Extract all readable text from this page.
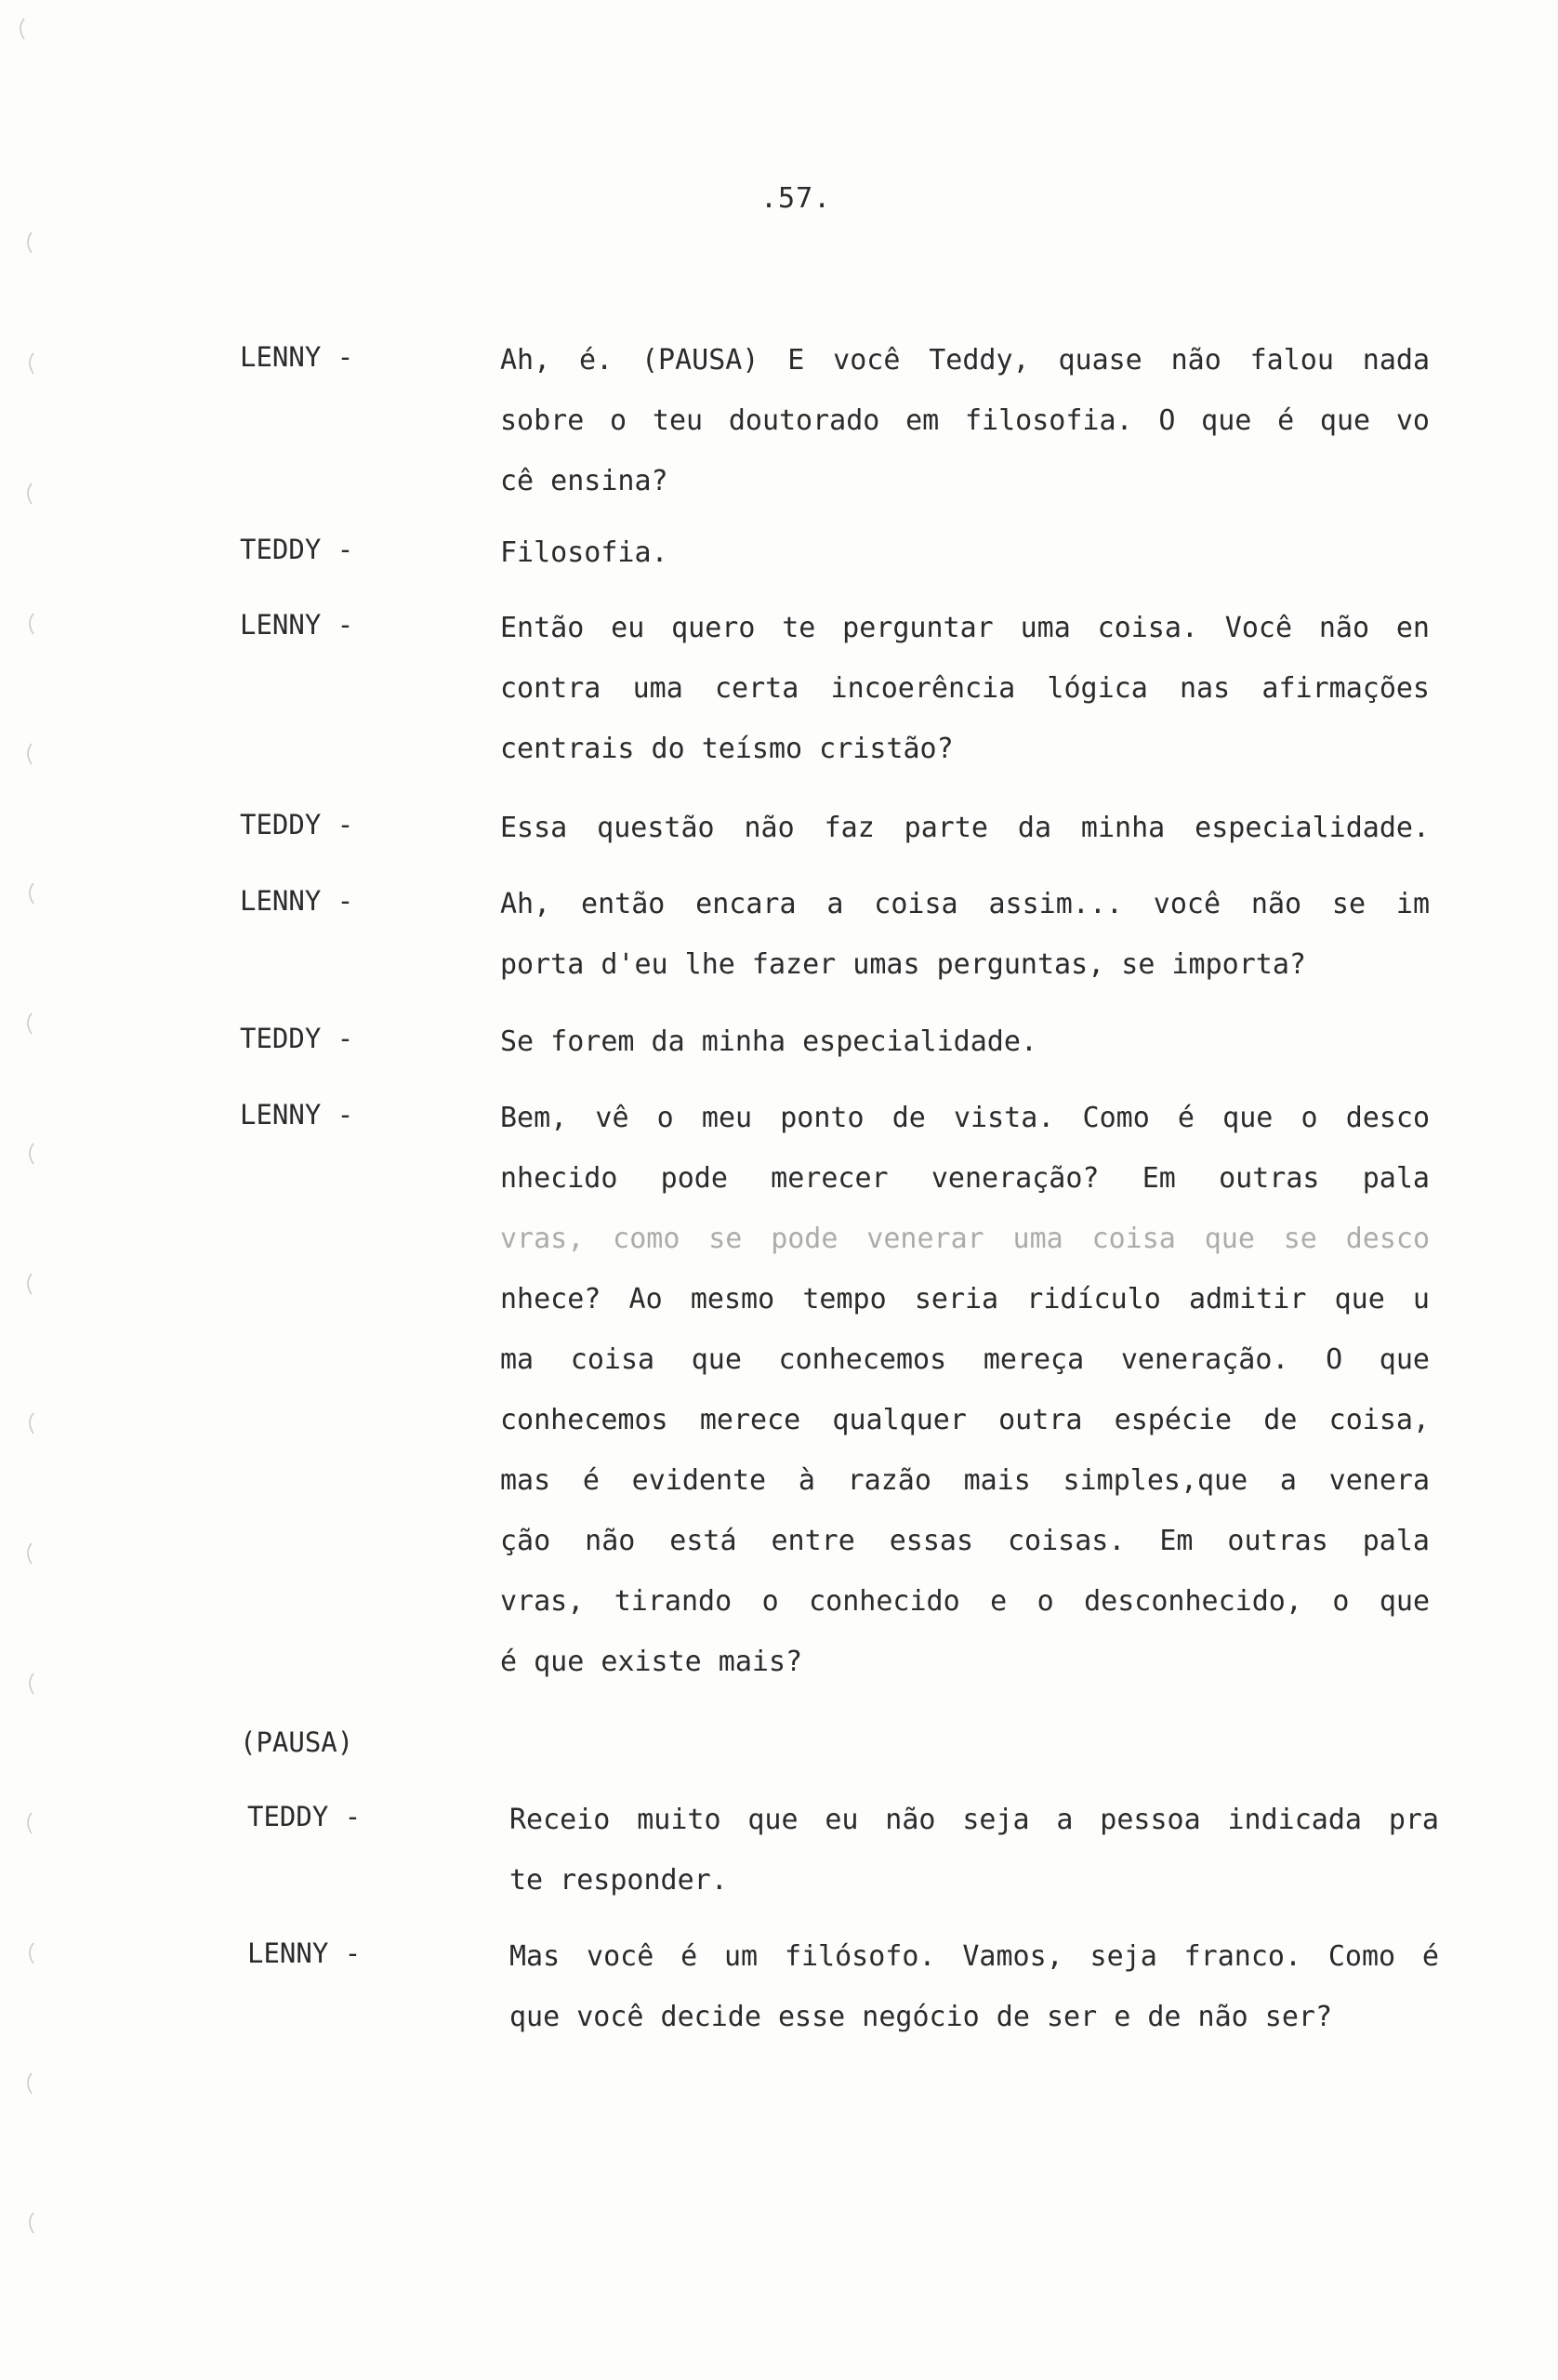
.57.
LENNY -	Ah, é. (PAUSA) E você Teddy, quase não falou nada
sobre o teu doutorado em filosofia. O que é que vo
cê ensina?
TEDDY -	Filosofia.
LENNY -	Então eu quero te perguntar uma coisa. Você não en
contra uma certa incoerência lógica nas afirmações
centrais do teísmo cristão?
TEDDY -	Essa questão não faz parte da minha especialidade.
LENNY -	Ah, então encara a coisa assim... você não se im
porta d'eu lhe fazer umas perguntas, se importa?
TEDDY -	Se forem da minha especialidade.
LENNY -	Bem, vê o meu ponto de vista. Como é que o desco
nhecido pode merecer veneração? Em outras pala
vras, como se pode venerar uma coisa que se desco
nhece? Ao mesmo tempo seria ridículo admitir que u
ma coisa que conhecemos mereça veneração. O que
conhecemos merece qualquer outra espécie de coisa,
mas é evidente à razão mais simples,que a venera
ção não está entre essas coisas. Em outras pala
vras, tirando o conhecido e o desconhecido, o que
é que existe mais?
(PAUSA)
TEDDY -	Receio muito que eu não seja a pessoa indicada pra
te responder.
LENNY -	Mas você é um filósofo. Vamos, seja franco. Como é
que você decide esse negócio de ser e de não ser?
